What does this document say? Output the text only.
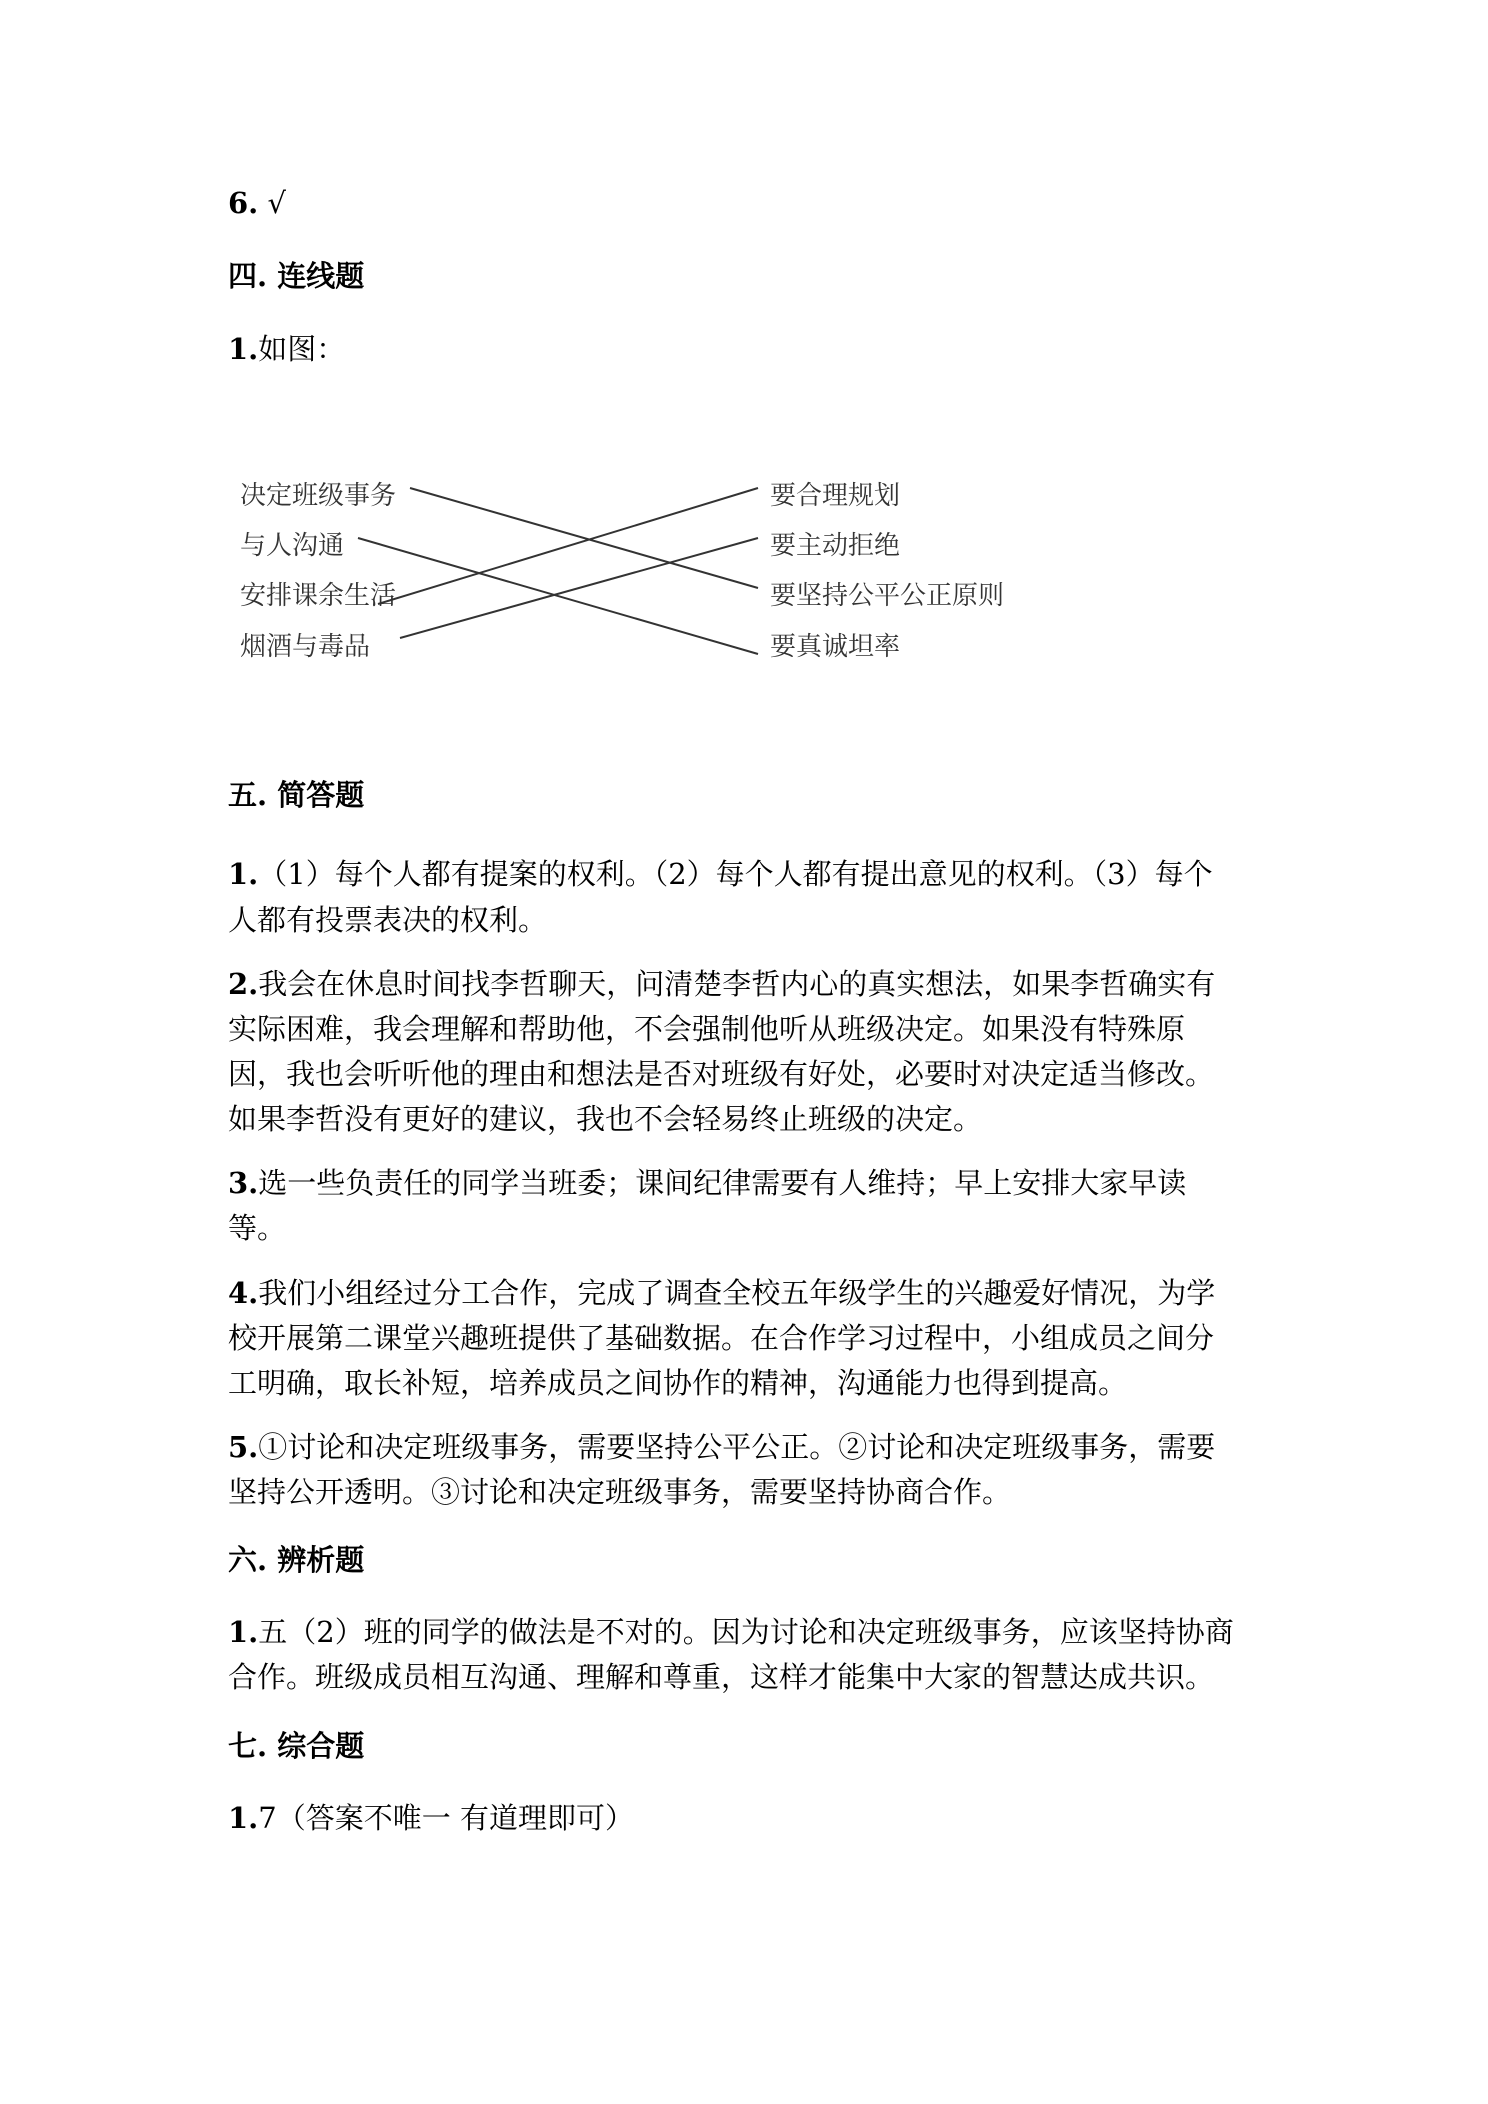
6. √
四. 连线题
1.如图：
决定班级事务
与人沟通
安排课余生活
烟酒与毒品
要合理规划
要主动拒绝
要坚持公平公正原则
要真诚坦率
五. 简答题
1.（1）每个人都有提案的权利。（2）每个人都有提出意见的权利。（3）每个
人都有投票表决的权利。
2.我会在休息时间找李哲聊天，问清楚李哲内心的真实想法，如果李哲确实有
实际困难，我会理解和帮助他，不会强制他听从班级决定。如果没有特殊原
因，我也会听听他的理由和想法是否对班级有好处，必要时对决定适当修改。
如果李哲没有更好的建议，我也不会轻易终止班级的决定。
3.选一些负责任的同学当班委；课间纪律需要有人维持；早上安排大家早读
等。
4.我们小组经过分工合作，完成了调查全校五年级学生的兴趣爱好情况，为学
校开展第二课堂兴趣班提供了基础数据。在合作学习过程中，小组成员之间分
工明确，取长补短，培养成员之间协作的精神，沟通能力也得到提高。
5.①讨论和决定班级事务，需要坚持公平公正。②讨论和决定班级事务，需要
坚持公开透明。③讨论和决定班级事务，需要坚持协商合作。
六. 辨析题
1.五（2）班的同学的做法是不对的。因为讨论和决定班级事务，应该坚持协商
合作。班级成员相互沟通、理解和尊重，这样才能集中大家的智慧达成共识。
七. 综合题
1.7（答案不唯一 有道理即可）
